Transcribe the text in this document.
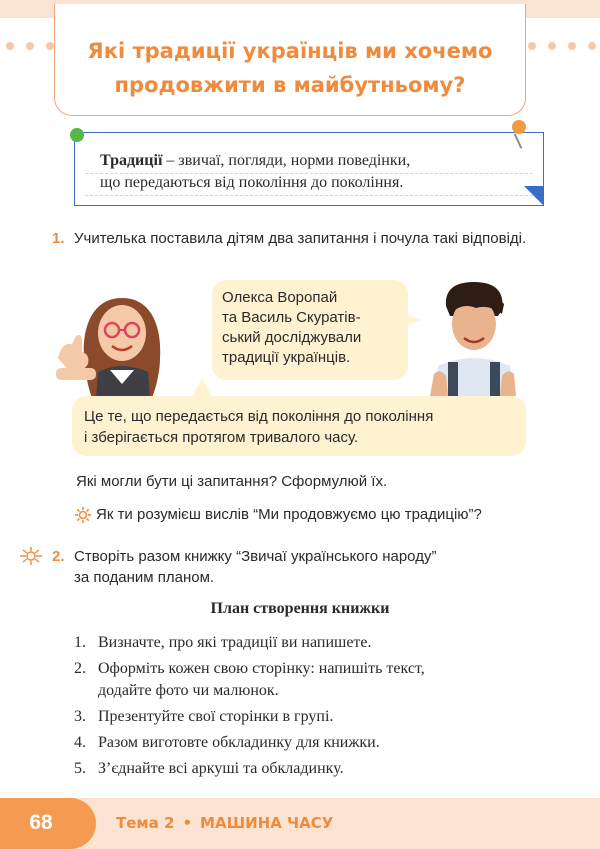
Які традиції українців ми хочемо
продовжити в майбутньому?
Традиції – звичаї, погляди, норми поведінки,
що передаються від покоління до покоління.
1. Учителька поставила дітям два запитання і почула такі відповіді.
Олекса Воропай
та Василь Скуратів-
ський досліджували
традиції українців.
Це те, що передається від покоління до покоління
і зберігається протягом тривалого часу.
Які могли бути ці запитання? Сформулюй їх.
Як ти розумієш вислів “Ми продовжуємо цю традицію”?
2. Створіть разом книжку “Звичаї українського народу”
за поданим планом.
План створення книжки
1. Визначте, про які традиції ви напишете.
2. Оформіть кожен свою сторінку: напишіть текст,
додайте фото чи малюнок.
3. Презентуйте свої сторінки в групі.
4. Разом виготовте обкладинку для книжки.
5. З’єднайте всі аркуші та обкладинку.
68	Тема 2 • МАШИНА ЧАСУ
